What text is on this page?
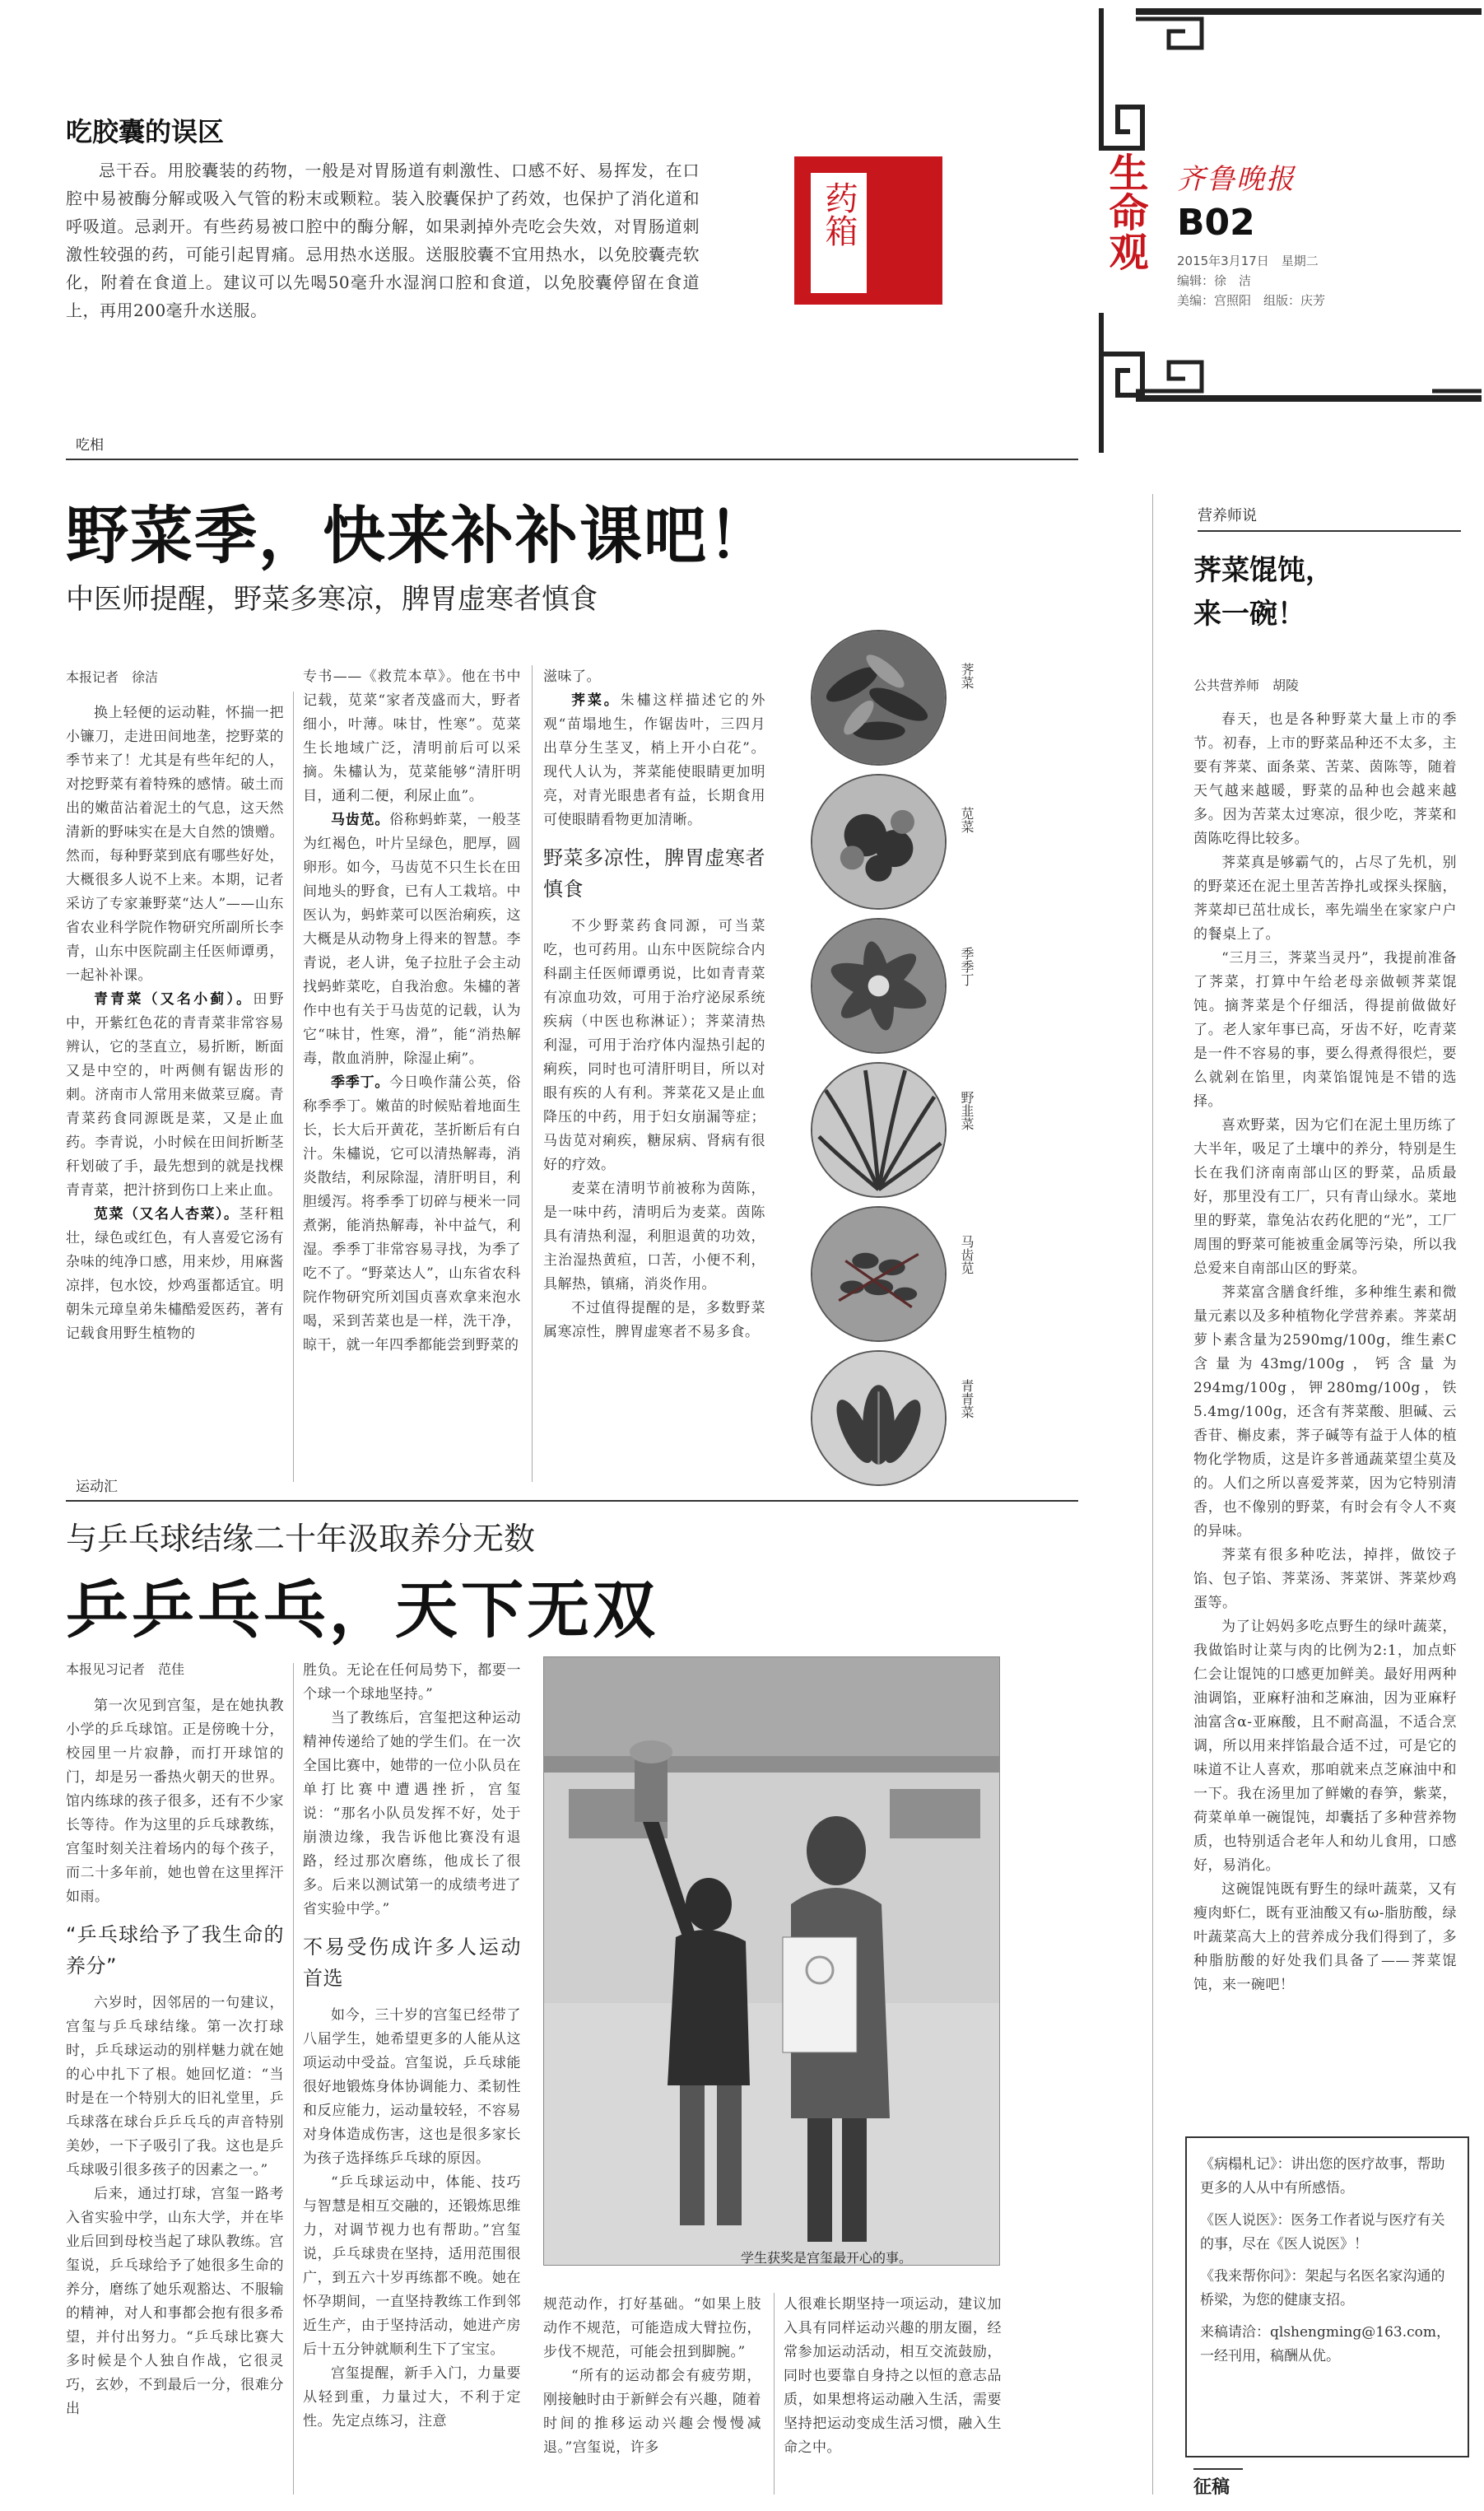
生命观 齐鲁晚报
B02
2015年3月17日　星期二
编辑：徐　洁
美编：宫照阳　组版：庆芳
吃胶囊的误区

忌干吞。用胶囊装的药物，一般是对胃肠道有刺激性、口感不好、易挥发，在口腔中易被酶分解或吸入气管的粉末或颗粒。装入胶囊保护了药效，也保护了消化道和呼吸道。忌剥开。有些药易被口腔中的酶分解，如果剥掉外壳吃会失效，对胃肠道刺激性较强的药，可能引起胃痛。忌用热水送服。送服胶囊不宜用热水，以免胶囊壳软化，附着在食道上。建议可以先喝50毫升水湿润口腔和食道，以免胶囊停留在食道上，再用200毫升水送服。

药箱
吃相
野菜季，快来补补课吧！
中医师提醒，野菜多寒凉，脾胃虚寒者慎食
本报记者　徐洁

换上轻便的运动鞋，怀揣一把小镰刀，走进田间地垄，挖野菜的季节来了！尤其是有些年纪的人，对挖野菜有着特殊的感情。破土而出的嫩苗沾着泥土的气息，这天然清新的野味实在是大自然的馈赠。然而，每种野菜到底有哪些好处，大概很多人说不上来。本期，记者采访了专家兼野菜“达人”——山东省农业科学院作物研究所副所长李青，山东中医院副主任医师谭勇，一起补补课。

青青菜（又名小蓟）。田野中，开紫红色花的青青菜非常容易辨认，它的茎直立，易折断，断面又是中空的，叶两侧有锯齿形的刺。济南市人常用来做菜豆腐。青青菜药食同源既是菜，又是止血药。李青说，小时候在田间折断茎秆划破了手，最先想到的就是找棵青青菜，把汁挤到伤口上来止血。

苋菜（又名人杏菜）。茎秆粗壮，绿色或红色，有人喜爱它汤有杂味的纯净口感，用来炒，用麻酱凉拌，包水饺，炒鸡蛋都适宜。明朝朱元璋皇弟朱橚酷爱医药，著有记载食用野生植物的

专书——《救荒本草》。他在书中记载，苋菜“家者茂盛而大，野者细小，叶薄。味甘，性寒”。苋菜生长地域广泛，清明前后可以采摘。朱橚认为，苋菜能够“清肝明目，通利二便，利尿止血”。

马齿苋。俗称蚂蚱菜，一般茎为红褐色，叶片呈绿色，肥厚，圆卵形。如今，马齿苋不只生长在田间地头的野食，已有人工栽培。中医认为，蚂蚱菜可以医治痢疾，这大概是从动物身上得来的智慧。李青说，老人讲，兔子拉肚子会主动找蚂蚱菜吃，自我治愈。朱橚的著作中也有关于马齿苋的记载，认为它“味甘，性寒，滑”，能“消热解毒，散血消肿，除湿止痢”。

季季丁。今日唤作蒲公英，俗称季季丁。嫩苗的时候贴着地面生长，长大后开黄花，茎折断后有白汁。朱橚说，它可以清热解毒，消炎散结，利尿除湿，清肝明目，利胆缓泻。将季季丁切碎与梗米一同煮粥，能消热解毒，补中益气，利湿。季季丁非常容易寻找，为季了吃不了。“野菜达人”，山东省农科院作物研究所刘国贞喜欢拿来泡水喝，采到苦菜也是一样，洗干净，晾干，就一年四季都能尝到野菜的

滋味了。

荠菜。朱橚这样描述它的外观“苗塌地生，作锯齿叶，三四月出草分生茎叉，梢上开小白花”。现代人认为，荠菜能使眼睛更加明亮，对青光眼患者有益，长期食用可使眼睛看物更加清晰。

野菜多凉性，脾胃虚寒者慎食

不少野菜药食同源，可当菜吃，也可药用。山东中医院综合内科副主任医师谭勇说，比如青青菜有凉血功效，可用于治疗泌尿系统疾病（中医也称淋证）；荠菜清热利湿，可用于治疗体内湿热引起的痢疾，同时也可清肝明目，所以对眼有疾的人有利。荠菜花又是止血降压的中药，用于妇女崩漏等症；马齿苋对痢疾，糖尿病、肾病有很好的疗效。

麦菜在清明节前被称为茵陈，是一味中药，清明后为麦菜。茵陈具有清热利湿，利胆退黄的功效，主治湿热黄疸，口苦，小便不利，具解热，镇痛，消炎作用。

不过值得提醒的是，多数野菜属寒凉性，脾胃虚寒者不易多食。

荠菜
苋菜
季季丁
野韭菜
马齿苋
青青菜
运动汇
与乒乓球结缘二十年汲取养分无数
乒乒乓乓，天下无双
本报见习记者　范佳

第一次见到宫玺，是在她执教小学的乒乓球馆。正是傍晚十分，校园里一片寂静，而打开球馆的门，却是另一番热火朝天的世界。馆内练球的孩子很多，还有不少家长等待。作为这里的乒乓球教练，宫玺时刻关注着场内的每个孩子，而二十多年前，她也曾在这里挥汗如雨。

“乒乓球给予了我生命的养分”

六岁时，因邻居的一句建议，宫玺与乒乓球结缘。第一次打球时，乒乓球运动的别样魅力就在她的心中扎下了根。她回忆道：“当时是在一个特别大的旧礼堂里，乒乓球落在球台乒乒乓乓的声音特别美妙，一下子吸引了我。这也是乒乓球吸引很多孩子的因素之一。”

后来，通过打球，宫玺一路考入省实验中学，山东大学，并在毕业后回到母校当起了球队教练。宫玺说，乒乓球给予了她很多生命的养分，磨练了她乐观豁达、不服输的精神，对人和事都会抱有很多希望，并付出努力。“乒乓球比赛大多时候是个人独自作战，它很灵巧，玄妙，不到最后一分，很难分出

胜负。无论在任何局势下，都要一个球一个球地坚持。”

当了教练后，宫玺把这种运动精神传递给了她的学生们。在一次全国比赛中，她带的一位小队员在单打比赛中遭遇挫折，宫玺说：“那名小队员发挥不好，处于崩溃边缘，我告诉他比赛没有退路，经过那次磨练，他成长了很多。后来以测试第一的成绩考进了省实验中学。”

不易受伤成许多人运动首选

如今，三十岁的宫玺已经带了八届学生，她希望更多的人能从这项运动中受益。宫玺说，乒乓球能很好地锻炼身体协调能力、柔韧性和反应能力，运动量较轻，不容易对身体造成伤害，这也是很多家长为孩子选择练乒乓球的原因。

“乒乓球运动中，体能、技巧与智慧是相互交融的，还锻炼思维力，对调节视力也有帮助。”宫玺说，乒乓球贵在坚持，适用范围很广，到五六十岁再练都不晚。她在怀孕期间，一直坚持教练工作到邻近生产，由于坚持活动，她进产房后十五分钟就顺利生下了宝宝。

宫玺提醒，新手入门，力量要从轻到重，力量过大，不利于定性。先定点练习，注意

学生获奖是宫玺最开心的事。

规范动作，打好基础。“如果上肢动作不规范，可能造成大臂拉伤，步伐不规范，可能会扭到脚腕。”

“所有的运动都会有疲劳期，刚接触时由于新鲜会有兴趣，随着时间的推移运动兴趣会慢慢减退。”宫玺说，许多

人很难长期坚持一项运动，建议加入具有同样运动兴趣的朋友圈，经常参加运动活动，相互交流鼓励，同时也要靠自身持之以恒的意志品质，如果想将运动融入生活，需要坚持把运动变成生活习惯，融入生命之中。

营养师说
荠菜馄饨，
来一碗！
公共营养师　胡陵

春天，也是各种野菜大量上市的季节。初春，上市的野菜品种还不太多，主要有荠菜、面条菜、苦菜、茵陈等，随着天气越来越暖，野菜的品种也会越来越多。因为苦菜太过寒凉，很少吃，荠菜和茵陈吃得比较多。

荠菜真是够霸气的，占尽了先机，别的野菜还在泥土里苦苦挣扎或探头探脑，荠菜却已茁壮成长，率先端坐在家家户户的餐桌上了。

“三月三，荠菜当灵丹”，我提前准备了荠菜，打算中午给老母亲做顿荠菜馄饨。摘荠菜是个仔细活，得提前做做好了。老人家年事已高，牙齿不好，吃青菜是一件不容易的事，要么得煮得很烂，要么就剁在馅里，肉菜馅馄饨是不错的选择。

喜欢野菜，因为它们在泥土里历练了大半年，吸足了土壤中的养分，特别是生长在我们济南南部山区的野菜，品质最好，那里没有工厂，只有青山绿水。菜地里的野菜，靠兔沾农药化肥的“光”，工厂周围的野菜可能被重金属等污染，所以我总爱来自南部山区的野菜。

荠菜富含膳食纤维，多种维生素和微量元素以及多种植物化学营养素。荠菜胡萝卜素含量为2590mg/100g，维生素C含量为43mg/100g，钙含量为294mg/100g，钾280mg/100g，铁5.4mg/100g，还含有荠菜酸、胆碱、云香苷、槲皮素，荠子碱等有益于人体的植物化学物质，这是许多普通蔬菜望尘莫及的。人们之所以喜爱荠菜，因为它特别清香，也不像别的野菜，有时会有令人不爽的异味。

荠菜有很多种吃法，掉拌，做饺子馅、包子馅、荠菜汤、荠菜饼、荠菜炒鸡蛋等。

为了让妈妈多吃点野生的绿叶蔬菜，我做馅时让菜与肉的比例为2:1，加点虾仁会让馄饨的口感更加鲜美。最好用两种油调馅，亚麻籽油和芝麻油，因为亚麻籽油富含α-亚麻酸，且不耐高温，不适合烹调，所以用来拌馅最合适不过，可是它的味道不让人喜欢，那咱就来点芝麻油中和一下。我在汤里加了鲜嫩的春笋，紫菜，荷菜单单一碗馄饨，却囊括了多种营养物质，也特别适合老年人和幼儿食用，口感好，易消化。

这碗馄饨既有野生的绿叶蔬菜，又有瘦肉虾仁，既有亚油酸又有ω-脂肪酸，绿叶蔬菜高大上的营养成分我们得到了，多种脂肪酸的好处我们具备了——荠菜馄饨，来一碗吧！

《病榻札记》：讲出您的医疗故事，帮助更多的人从中有所感悟。
《医人说医》：医务工作者说与医疗有关的事，尽在《医人说医》！
《我来帮你问》：架起与名医名家沟通的桥梁，为您的健康支招。
来稿请洽：qlshengming@163.com，一经刊用，稿酬从优。
征稿
